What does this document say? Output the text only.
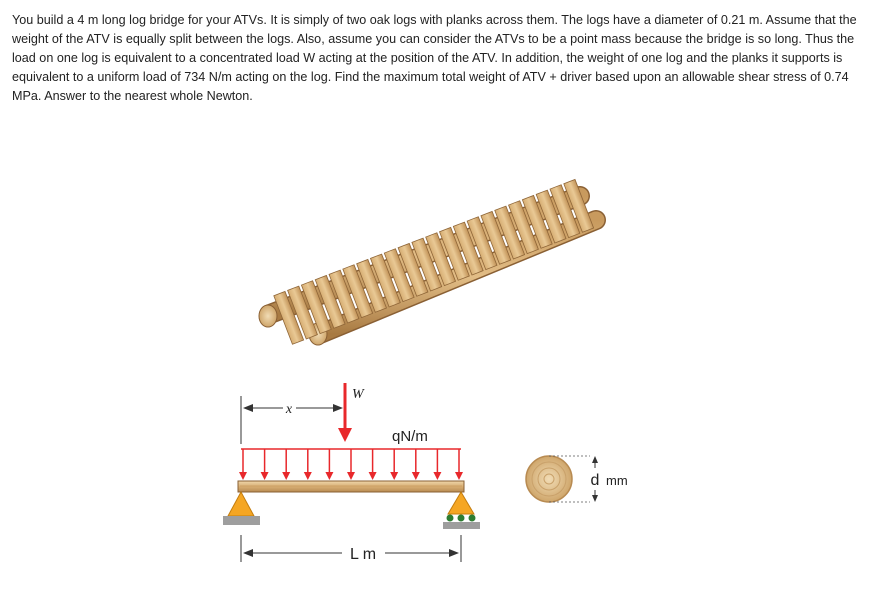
You build a 4 m long log bridge for your ATVs. It is simply of two oak logs with planks across them. The logs have a diameter of 0.21 m. Assume that the weight of the ATV is equally split between the logs. Also, assume you can consider the ATVs to be a point mass because the bridge is so long. Thus the load on one log is equivalent to a concentrated load W acting at the position of the ATV. In addition, the weight of one log and the planks it supports is equivalent to a uniform load of 734 N/m acting on the log. Find the maximum total weight of ATV + driver based upon an allowable shear stress of 0.74 MPa. Answer to the nearest whole Newton.

x
W
qN/m
L m
d mm
